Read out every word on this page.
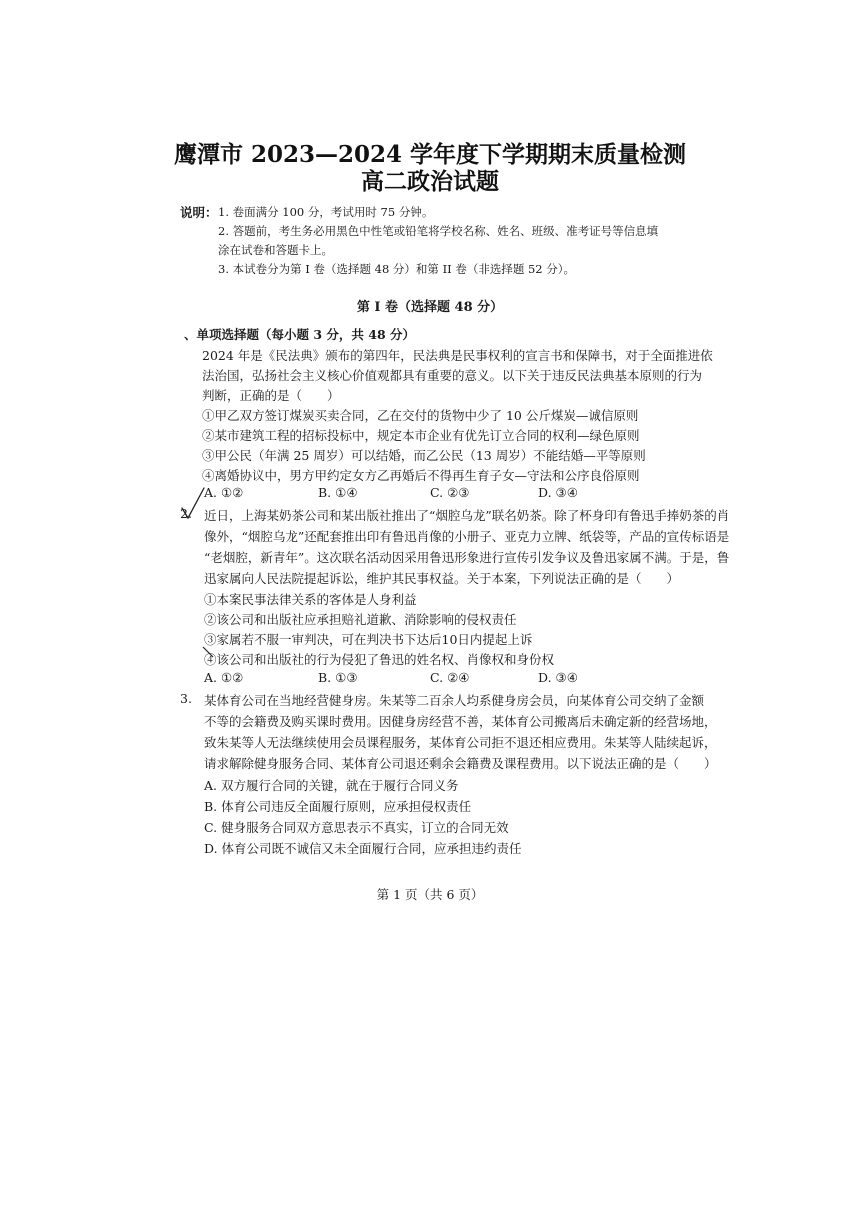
鹰潭市 2023—2024 学年度下学期期末质量检测
高二政治试题
说明： 1. 卷面满分 100 分，考试用时 75 分钟。
2. 答题前，考生务必用黑色中性笔或铅笔将学校名称、姓名、班级、准考证号等信息填
涂在试卷和答题卡上。
3. 本试卷分为第 I 卷（选择题 48 分）和第 II 卷（非选择题 52 分）。
第 I 卷（选择题 48 分）
、单项选择题（每小题 3 分，共 48 分）
2024 年是《民法典》颁布的第四年，民法典是民事权利的宣言书和保障书，对于全面推进依
法治国，弘扬社会主义核心价值观都具有重要的意义。以下关于违反民法典基本原则的行为
判断，正确的是（　　）
①甲乙双方签订煤炭买卖合同，乙在交付的货物中少了 10 公斤煤炭—诚信原则
②某市建筑工程的招标投标中，规定本市企业有优先订立合同的权利—绿色原则
③甲公民（年满 25 周岁）可以结婚，而乙公民（13 周岁）不能结婚—平等原则
④离婚协议中，男方甲约定女方乙再婚后不得再生育子女—守法和公序良俗原则
A. ①②	B. ①④	C. ②③	D. ③④
2. 近日，上海某奶茶公司和某出版社推出了“烟腔乌龙”联名奶茶。除了杯身印有鲁迅手捧奶茶的肖
像外，“烟腔乌龙”还配套推出印有鲁迅肖像的小册子、亚克力立牌、纸袋等，产品的宣传标语是
“老烟腔，新青年”。这次联名活动因采用鲁迅形象进行宣传引发争议及鲁迅家属不满。于是，鲁
迅家属向人民法院提起诉讼，维护其民事权益。关于本案，下列说法正确的是（　　）
①本案民事法律关系的客体是人身利益
②该公司和出版社应承担赔礼道歉、消除影响的侵权责任
③家属若不服一审判决，可在判决书下达后10日内提起上诉
④该公司和出版社的行为侵犯了鲁迅的姓名权、肖像权和身份权
A. ①②	B. ①③	C. ②④	D. ③④
3. 某体育公司在当地经营健身房。朱某等二百余人均系健身房会员，向某体育公司交纳了金额
不等的会籍费及购买课时费用。因健身房经营不善，某体育公司搬离后未确定新的经营场地，
致朱某等人无法继续使用会员课程服务，某体育公司拒不退还相应费用。朱某等人陆续起诉，
请求解除健身服务合同、某体育公司退还剩余会籍费及课程费用。以下说法正确的是（　　）
A. 双方履行合同的关键，就在于履行合同义务
B. 体育公司违反全面履行原则，应承担侵权责任
C. 健身服务合同双方意思表示不真实，订立的合同无效
D. 体育公司既不诚信又未全面履行合同，应承担违约责任
第 1 页（共 6 页）
